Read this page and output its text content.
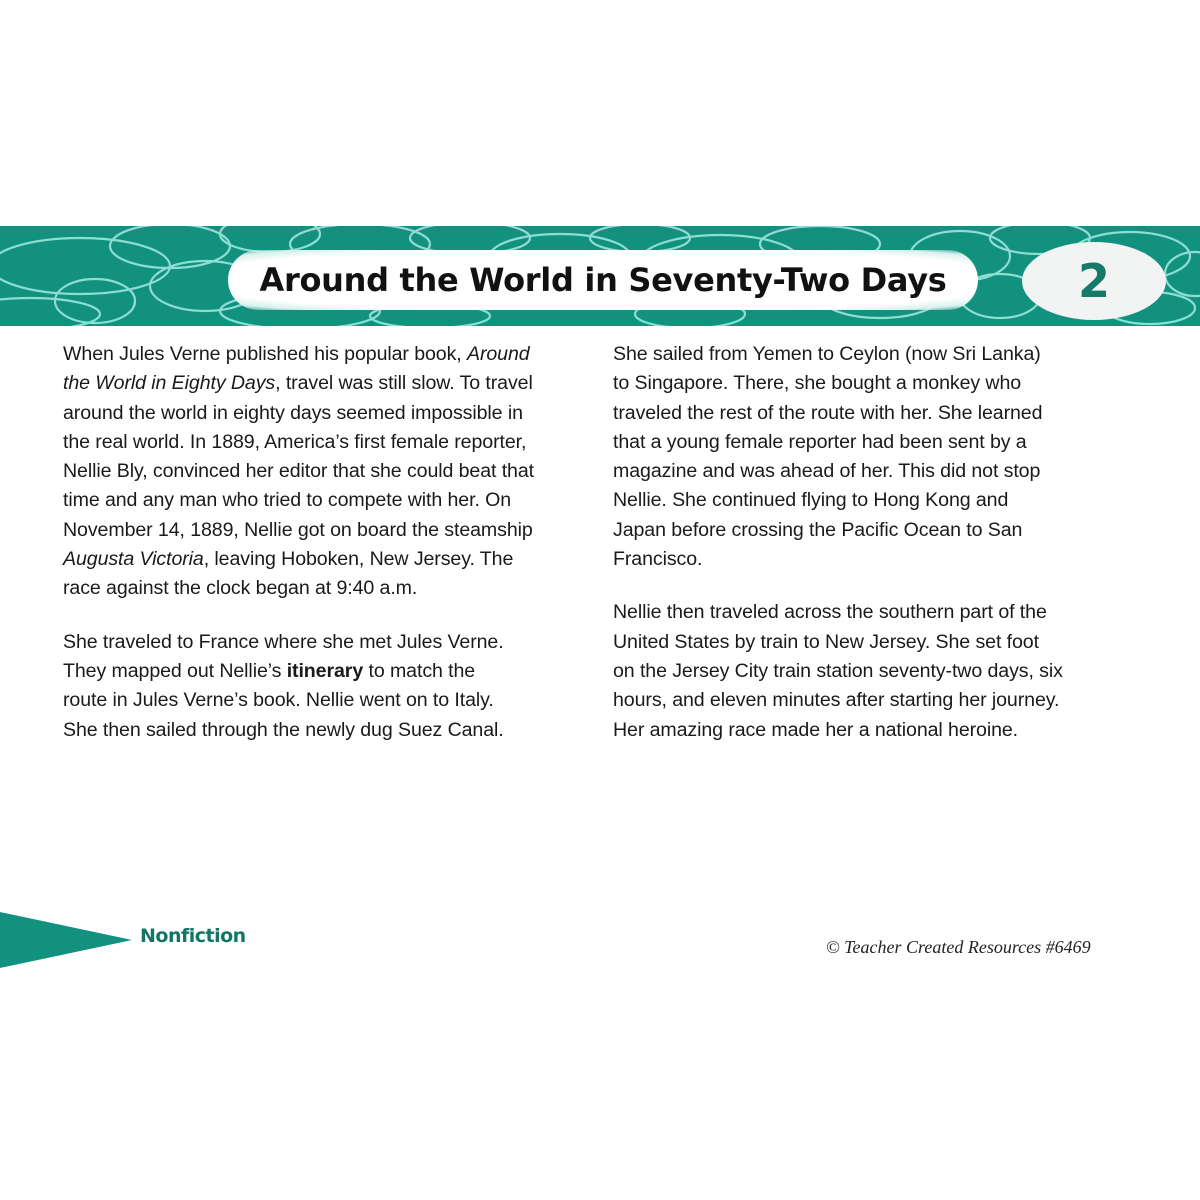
Around the World in Seventy-Two Days	2

When Jules Verne published his popular book, Around
the World in Eighty Days, travel was still slow. To travel
around the world in eighty days seemed impossible in
the real world. In 1889, America’s first female reporter,
Nellie Bly, convinced her editor that she could beat that
time and any man who tried to compete with her. On
November 14, 1889, Nellie got on board the steamship
Augusta Victoria, leaving Hoboken, New Jersey. The
race against the clock began at 9:40 a.m.

She traveled to France where she met Jules Verne.
They mapped out Nellie’s itinerary to match the
route in Jules Verne’s book. Nellie went on to Italy.
She then sailed through the newly dug Suez Canal.

She sailed from Yemen to Ceylon (now Sri Lanka)
to Singapore. There, she bought a monkey who
traveled the rest of the route with her. She learned
that a young female reporter had been sent by a
magazine and was ahead of her. This did not stop
Nellie. She continued flying to Hong Kong and
Japan before crossing the Pacific Ocean to San
Francisco.

Nellie then traveled across the southern part of the
United States by train to New Jersey. She set foot
on the Jersey City train station seventy-two days, six
hours, and eleven minutes after starting her journey.
Her amazing race made her a national heroine.

Nonfiction	© Teacher Created Resources #6469
